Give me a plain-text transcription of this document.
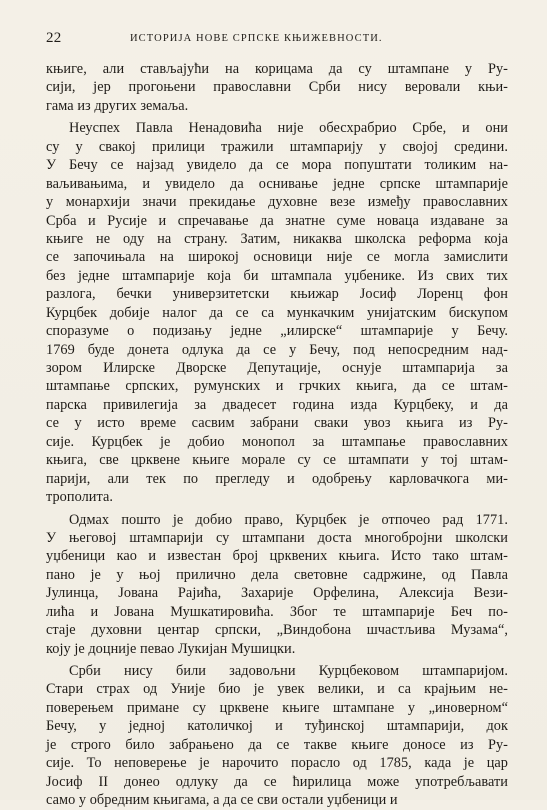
22	ИСТОРИЈА НОВЕ СРПСКЕ КЊИЖЕВНОСТИ.
књиге, али стављајући на корицама да су штампане у Ру-
сији, јер прогоњени православни Срби нису веровали књи-
гама из других земаља.
Неуспех Павла Ненадовића није обесхрабрио Србе, и они
су у свакој прилици тражили штампарију у својој средини.
У Бечу се најзад увидело да се мора попуштати толиким на-
ваљивањима, и увидело да оснивање једне српске штампарије
у монархији значи прекидање духовне везе између православних
Срба и Русије и спречавање да знатне суме новаца издаване за
књиге не оду на страну. Затим, никаква школска реформа која
се започињала на широкој основици није се могла замислити
без једне штампарије која би штампала уџбенике. Из свих тих
разлога, бечки универзитетски књижар Јосиф Лоренц фон
Курцбек добије налог да се са мункачким унијатским бискупом
споразуме о подизању једне „илирске“ штампарије у Бечу.
1769 буде донета одлука да се у Бечу, под непосредним над-
зором Илирске Дворске Депутације, оснује штампарија за
штампање српских, румунских и грчких књига, да се штам-
парска привилегија за двадесет година изда Курцбеку, и да
се у исто време сасвим забрани сваки увоз књига из Ру-
сије. Курцбек је добио монопол за штампање православних
књига, све црквене књиге морале су се штампати у тој штам-
парији, али тек по прегледу и одобрењу карловачкога ми-
трополита.
Одмах пошто је добио право, Курцбек је отпочео рад 1771.
У његовој штампарији су штампани доста многобројни школски
уџбеници као и известан број црквених књига. Исто тако штам-
пано је у њој прилично дела световне садржине, од Павла
Јулинца, Јована Рајића, Захарије Орфелина, Алексија Вези-
лића и Јована Мушкатировића. Због те штампарије Беч по-
стаје духовни центар српски, „Виндобона шчастљива Музама“,
коју је доцније певао Лукијан Мушицки.
Срби нису били задовољни Курцбековом штампаријом.
Стари страх од Уније био је увек велики, и са крајњим не-
поверењем примане су црквене књиге штампане у „иноверном“
Бечу, у једној католичкој и туђинској штампарији, док
је строго било забрањено да се такве књиге доносе из Ру-
сије. То неповерење је нарочито порасло од 1785, када је цар
Јосиф II донео одлуку да се ћирилица може употребљавати
само у обредним књигама, а да се сви остали уџбеници и
